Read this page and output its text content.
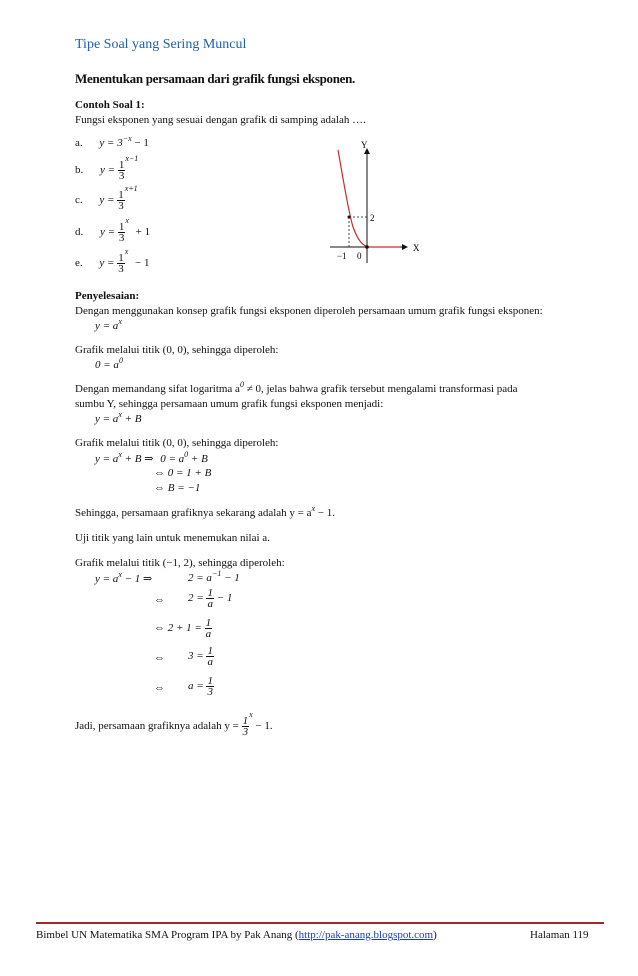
Tipe Soal yang Sering Muncul
Menentukan persamaan dari grafik fungsi eksponen.
Contoh Soal 1:
Fungsi eksponen yang sesuai dengan grafik di samping adalah ….
a. $y = 3^{-x} - 1$
b. $y = \frac{1}{3}$
$^{x-1}$
c. $y = \frac{1}{3}$
$^{x+1}$
d. $y = \frac{1}{3}$
$^x$ + 1
e. $y = \frac{1}{3}$
$^x$ − 1
Y
X
2
−1 0
Penyelesaian:
Dengan menggunakan konsep grafik fungsi eksponen diperoleh persamaan umum grafik fungsi eksponen:
$y = a^x$
Grafik melalui titik (0, 0), sehingga diperoleh:
$0 = a^0$
Dengan memandang sifat logaritma $a^0 \ne 0$, jelas bahwa grafik tersebut mengalami transformasi pada
sumbu Y, sehingga persamaan umum grafik fungsi eksponen menjadi:
$y = a^x + B$
Grafik melalui titik (0, 0), sehingga diperoleh:
$y = a^x + B$ ⇒ $0 = a^0 + B$
⇔ 0 = 1 + B
⇔ B = −1
Sehingga, persamaan grafiknya sekarang adalah $y = a^x - 1$.
Uji titik yang lain untuk menemukan nilai a.
Grafik melalui titik (−1, 2), sehingga diperoleh:
$y = a^x - 1$ ⇒	$2 = a^{-1} - 1$
⇔ $2 = \frac{1}{a} - 1$
⇔ $2 + 1 = \frac{1}{a}$
⇔ $3 = \frac{1}{a}$
⇔ $a = \frac{1}{3}$
Jadi, persamaan grafiknya adalah $y = \frac{1}{3}$
$^x$ − 1.
Bimbel UN Matematika SMA Program IPA by Pak Anang (http://pak-anang.blogspot.com)	Halaman 119
